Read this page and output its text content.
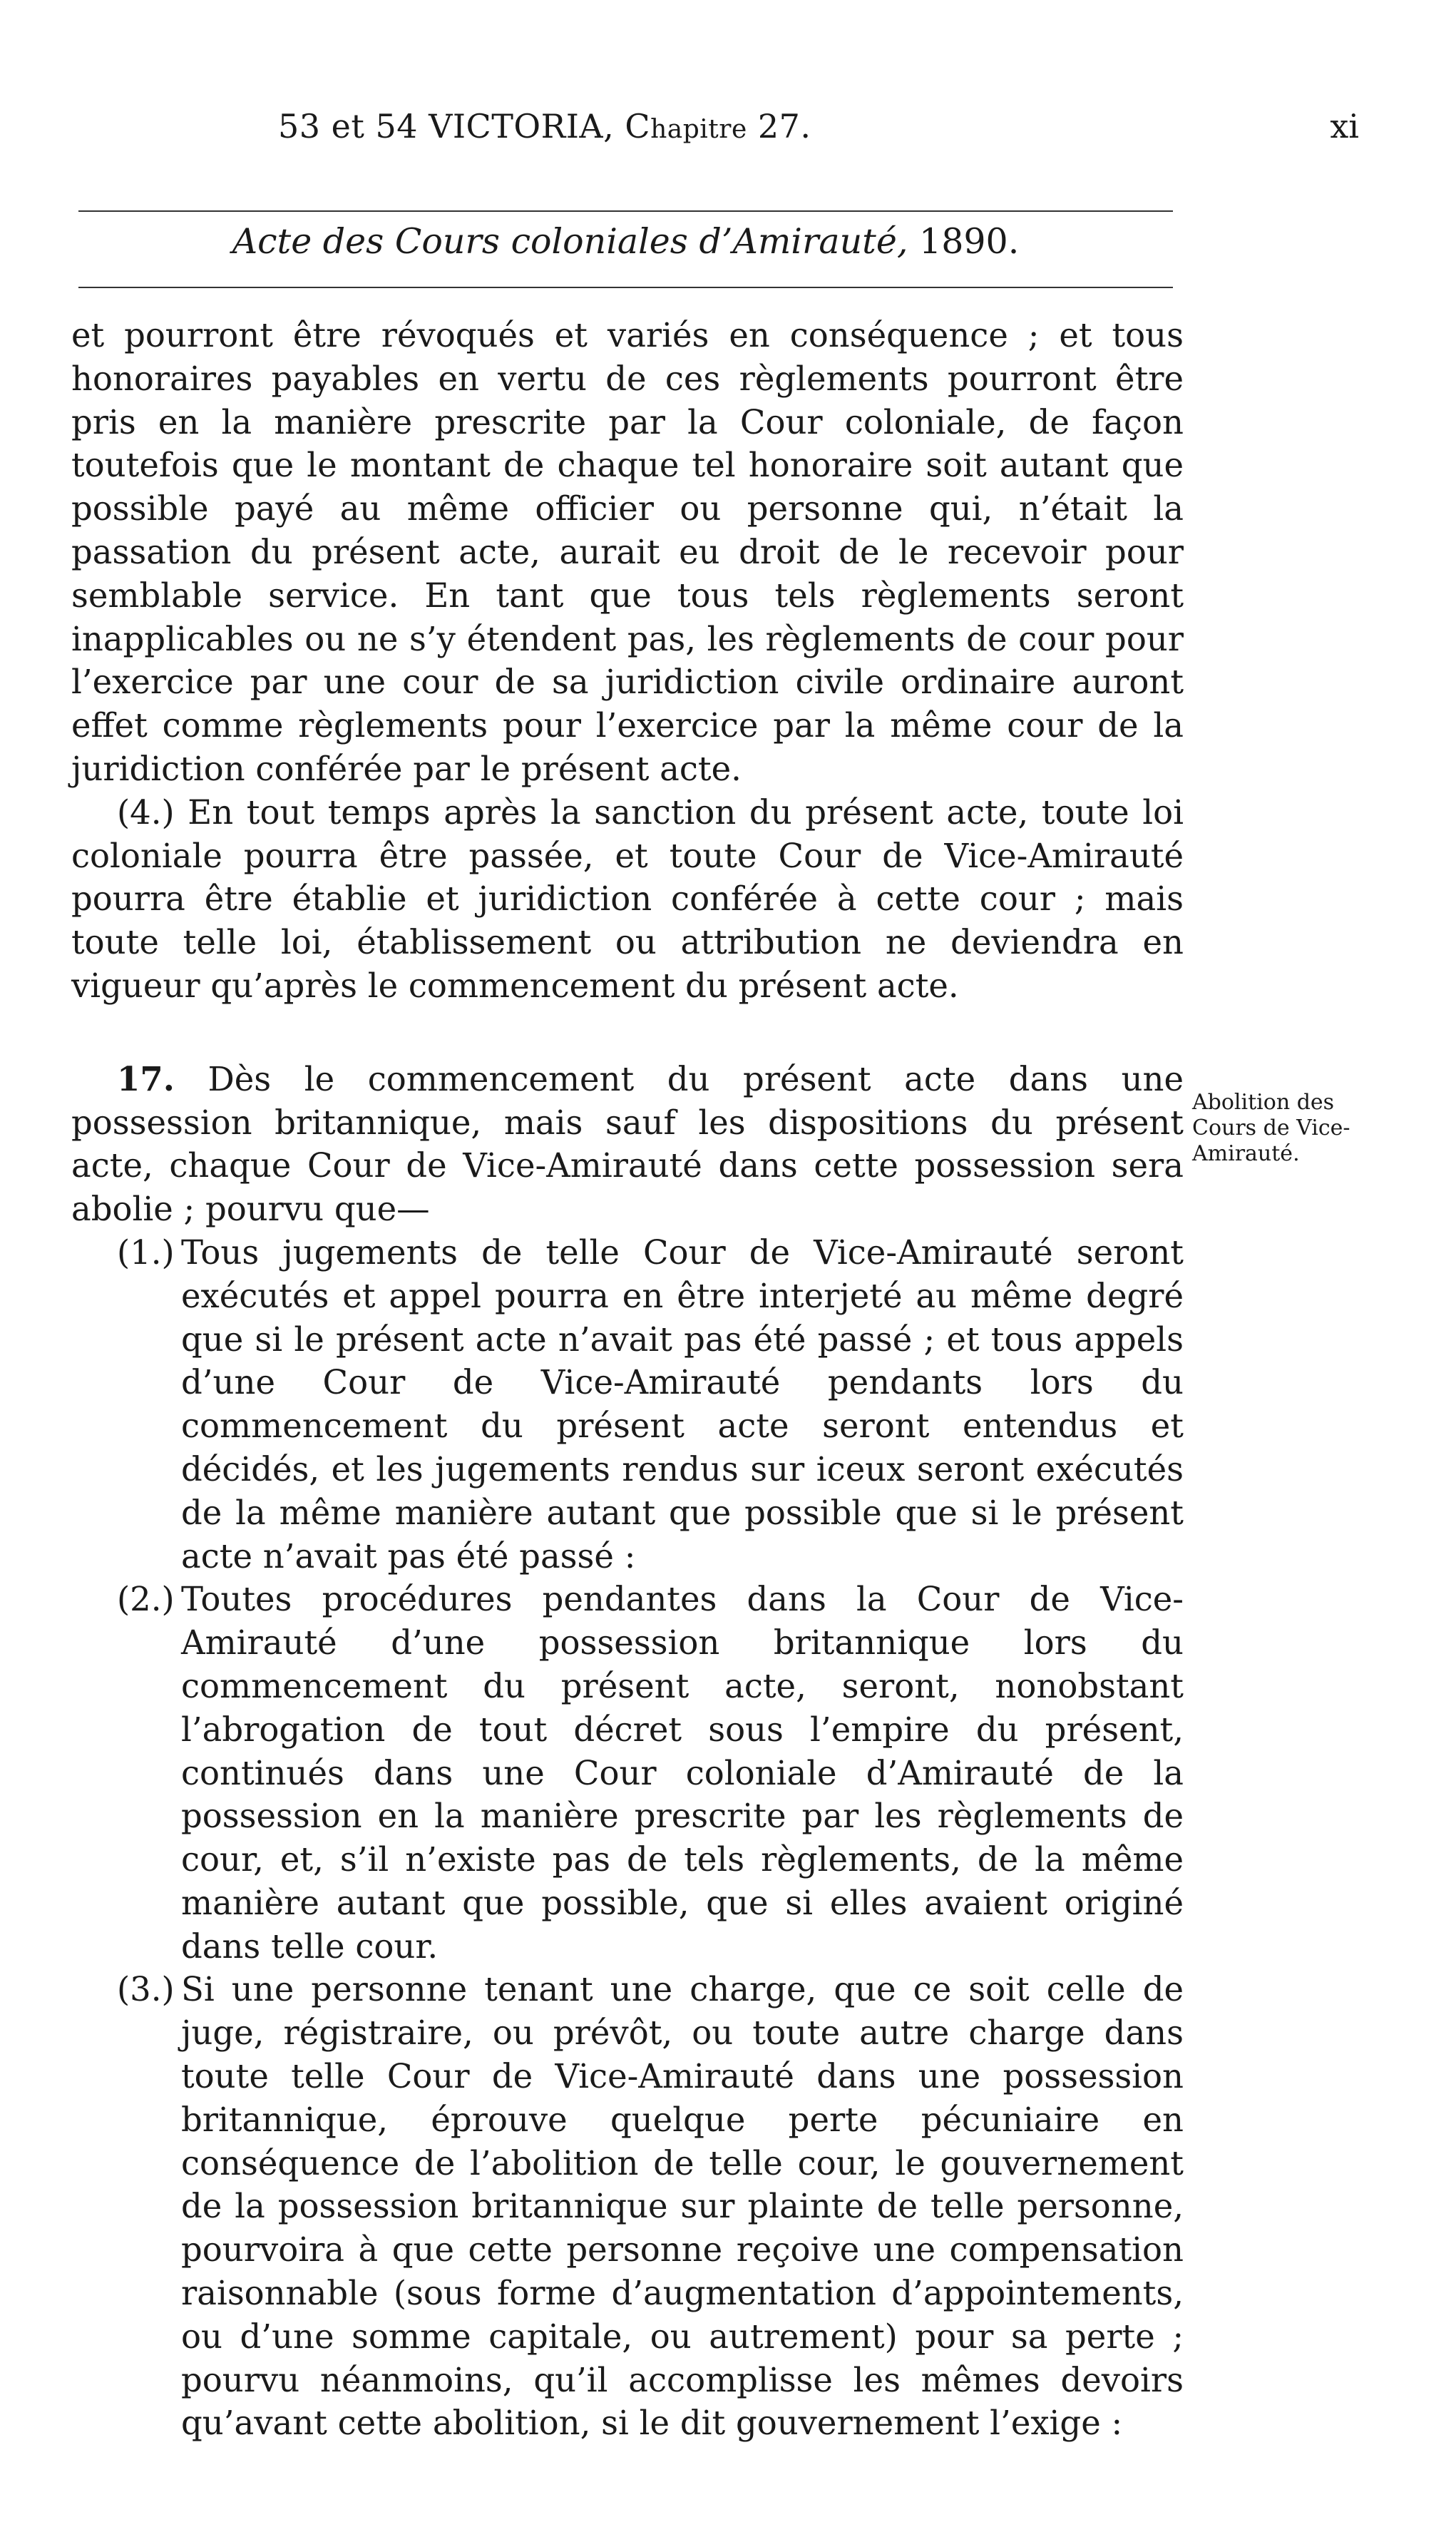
53 et 54 VICTORIA, Chapitre 27.	xi
Acte des Cours coloniales d’Amirauté, 1890.

et pourront être révoqués et variés en conséquence ; et tous honoraires payables en vertu de ces règlements pourront être pris en la manière prescrite par la Cour coloniale, de façon toutefois que le montant de chaque tel honoraire soit autant que possible payé au même officier ou personne qui, n’était la passation du présent acte, aurait eu droit de le recevoir pour semblable service. En tant que tous tels règlements seront inapplicables ou ne s’y étendent pas, les règlements de cour pour l’exercice par une cour de sa juridiction civile ordinaire auront effet comme règlements pour l’exercice par la même cour de la juridiction conférée par le présent acte.

(4.) En tout temps après la sanction du présent acte, toute loi coloniale pourra être passée, et toute Cour de Vice-Amirauté pourra être établie et juridiction conférée à cette cour ; mais toute telle loi, établissement ou attribution ne deviendra en vigueur qu’après le commencement du présent acte.

17. Dès le commencement du présent acte dans une possession britannique, mais sauf les dispositions du présent acte, chaque Cour de Vice-Amirauté dans cette possession sera abolie ; pourvu que—

(1.) Tous jugements de telle Cour de Vice-Amirauté seront exécutés et appel pourra en être interjeté au même degré que si le présent acte n’avait pas été passé ; et tous appels d’une Cour de Vice-Amirauté pendants lors du commencement du présent acte seront entendus et décidés, et les jugements rendus sur iceux seront exécutés de la même manière autant que possible que si le présent acte n’avait pas été passé :

(2.) Toutes procédures pendantes dans la Cour de Vice-Amirauté d’une possession britannique lors du commencement du présent acte, seront, nonobstant l’abrogation de tout décret sous l’empire du présent, continués dans une Cour coloniale d’Amirauté de la possession en la manière prescrite par les règlements de cour, et, s’il n’existe pas de tels règlements, de la même manière autant que possible, que si elles avaient originé dans telle cour.

(3.) Si une personne tenant une charge, que ce soit celle de juge, régistraire, ou prévôt, ou toute autre charge dans toute telle Cour de Vice-Amirauté dans une possession britannique, éprouve quelque perte pécuniaire en conséquence de l’abolition de telle cour, le gouvernement de la possession britannique sur plainte de telle personne, pourvoira à que cette personne reçoive une compensation raisonnable (sous forme d’augmentation d’appointements, ou d’une somme capitale, ou autrement) pour sa perte ; pourvu néanmoins, qu’il accomplisse les mêmes devoirs qu’avant cette abolition, si le dit gouvernement l’exige :

Abolition des Cours de Vice-Amirauté.
